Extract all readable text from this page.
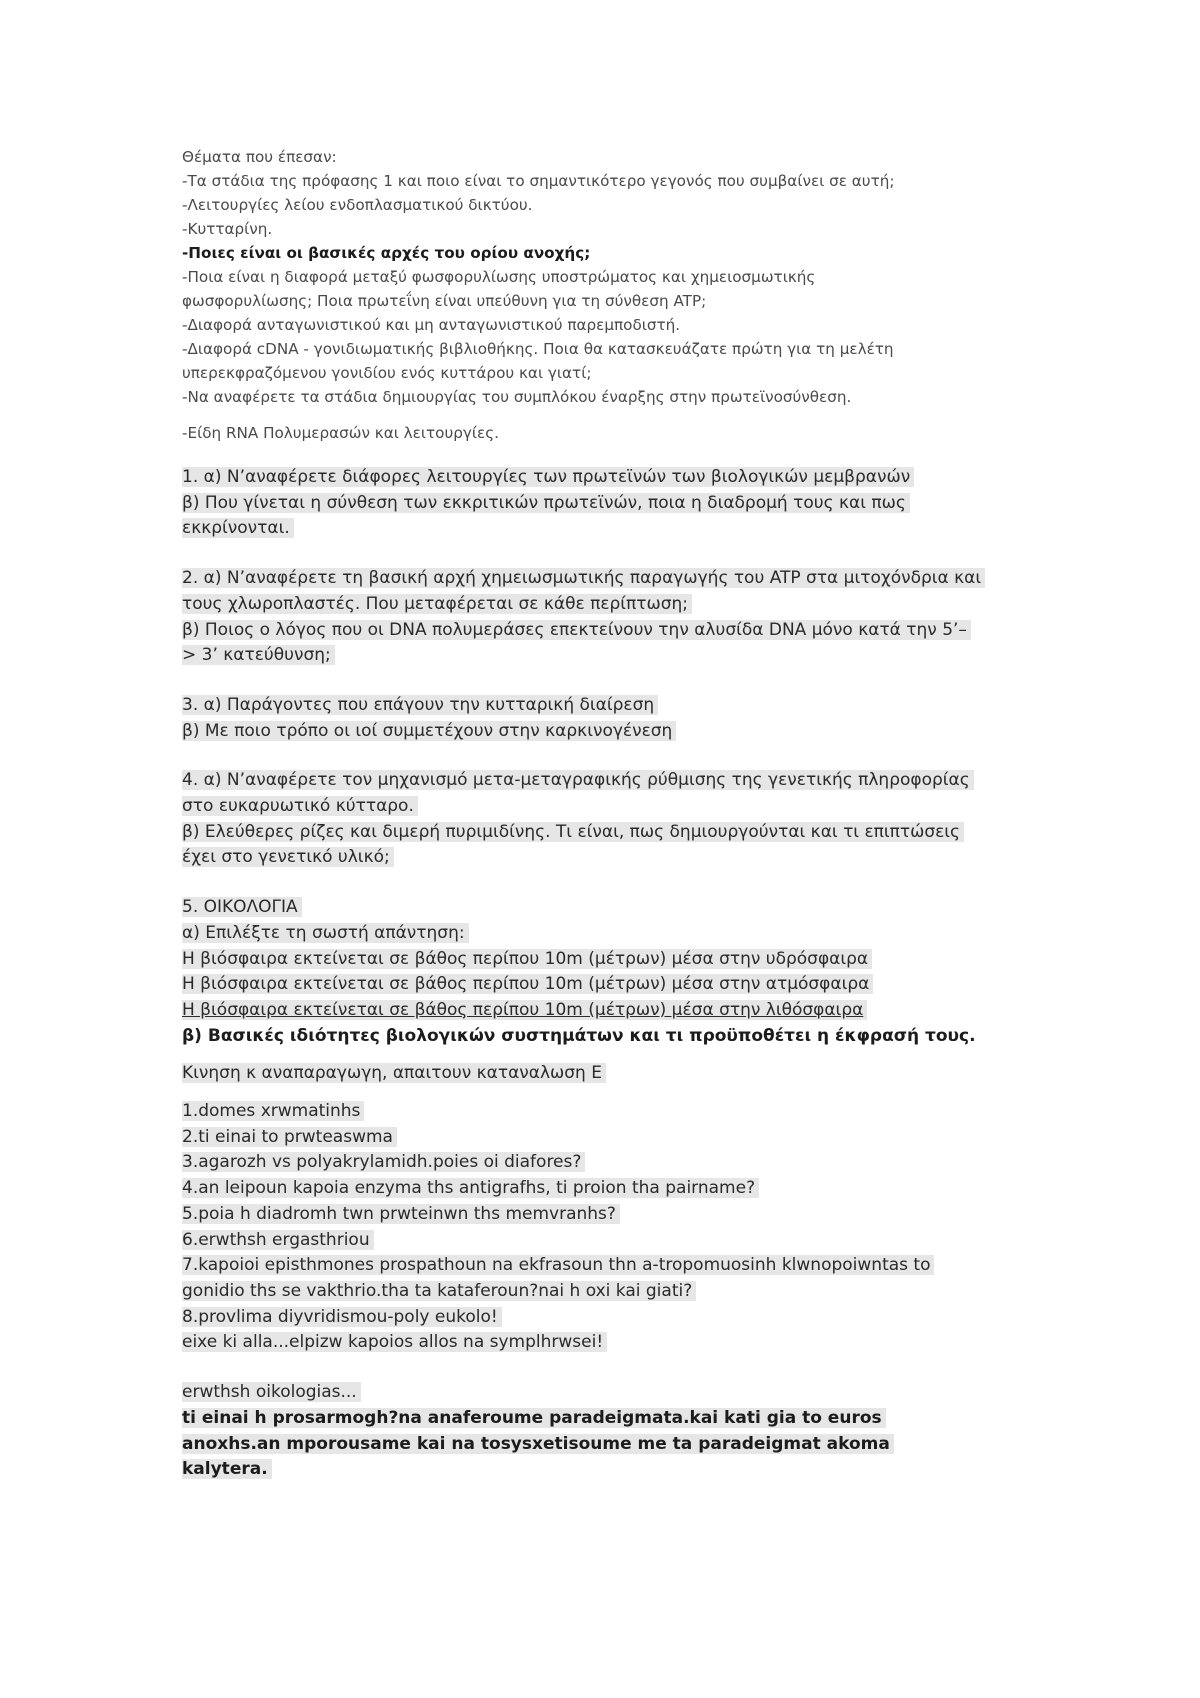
Θέματα που έπεσαν:
-Τα στάδια της πρόφασης 1 και ποιο είναι το σημαντικότερο γεγονός που συμβαίνει σε αυτή;
-Λειτουργίες λείου ενδοπλασματικού δικτύου.
-Κυτταρίνη.
-Ποιες είναι οι βασικές αρχές του ορίου ανοχής;
-Ποια είναι η διαφορά μεταξύ φωσφορυλίωσης υποστρώματος και χημειοσμωτικής φωσφορυλίωσης; Ποια πρωτεΐνη είναι υπεύθυνη για τη σύνθεση ATP;
-Διαφορά ανταγωνιστικού και μη ανταγωνιστικού παρεμποδιστή.
-Διαφορά cDNA - γονιδιωματικής βιβλιοθήκης. Ποια θα κατασκευάζατε πρώτη για τη μελέτη υπερεκφραζόμενου γονιδίου ενός κυττάρου και γιατί;
-Να αναφέρετε τα στάδια δημιουργίας του συμπλόκου έναρξης στην πρωτεϊνοσύνθεση.
-Είδη RNA Πολυμερασών και λειτουργίες.
1. α) Ν’αναφέρετε διάφορες λειτουργίες των πρωτεϊνών των βιολογικών μεμβρανών
β) Που γίνεται η σύνθεση των εκκριτικών πρωτεϊνών, ποια η διαδρομή τους και πως
εκκρίνονται.
2. α) Ν’αναφέρετε τη βασική αρχή χημειωσμωτικής παραγωγής του ATP στα μιτοχόνδρια και
τους χλωροπλαστές. Που μεταφέρεται σε κάθε περίπτωση;
β) Ποιος ο λόγος που οι DNA πολυμεράσες επεκτείνουν την αλυσίδα DNA μόνο κατά την 5’–
> 3’ κατεύθυνση;
3. α) Παράγοντες που επάγουν την κυτταρική διαίρεση
β) Με ποιο τρόπο οι ιοί συμμετέχουν στην καρκινογένεση
4. α) Ν’αναφέρετε τον μηχανισμό μετα-μεταγραφικής ρύθμισης της γενετικής πληροφορίας
στο ευκαρυωτικό κύτταρο.
β) Ελεύθερες ρίζες και διμερή πυριμιδίνης. Τι είναι, πως δημιουργούνται και τι επιπτώσεις
έχει στο γενετικό υλικό;
5. ΟΙΚΟΛΟΓΙΑ
α) Επιλέξτε τη σωστή απάντηση:
Η βιόσφαιρα εκτείνεται σε βάθος περίπου 10m (μέτρων) μέσα στην υδρόσφαιρα
Η βιόσφαιρα εκτείνεται σε βάθος περίπου 10m (μέτρων) μέσα στην ατμόσφαιρα
Η βιόσφαιρα εκτείνεται σε βάθος περίπου 10m (μέτρων) μέσα στην λιθόσφαιρα
β) Βασικές ιδιότητες βιολογικών συστημάτων και τι προϋποθέτει η έκφρασή τους.
Κινηση κ αναπαραγωγη, απαιτουν καταναλωση Ε
1.domes xrwmatinhs
2.ti einai to prwteaswma
3.agarozh vs polyakrylamidh.poies oi diafores?
4.an leipoun kapoia enzyma ths antigrafhs, ti proion tha pairname?
5.poia h diadromh twn prwteinwn ths memvranhs?
6.erwthsh ergasthriou
7.kapoioi episthmones prospathoun na ekfrasoun thn a-tropomuosinh klwnopoiwntas to
gonidio ths se vakthrio.tha ta kataferoun?nai h oxi kai giati?
8.provlima diyvridismou-poly eukolo!
eixe ki alla...elpizw kapoios allos na symplhrwsei!
erwthsh oikologias...
ti einai h prosarmogh?na anaferoume paradeigmata.kai kati gia to euros anoxhs.an mporousame kai na tosysxetisoume me ta paradeigmat akoma kalytera.
